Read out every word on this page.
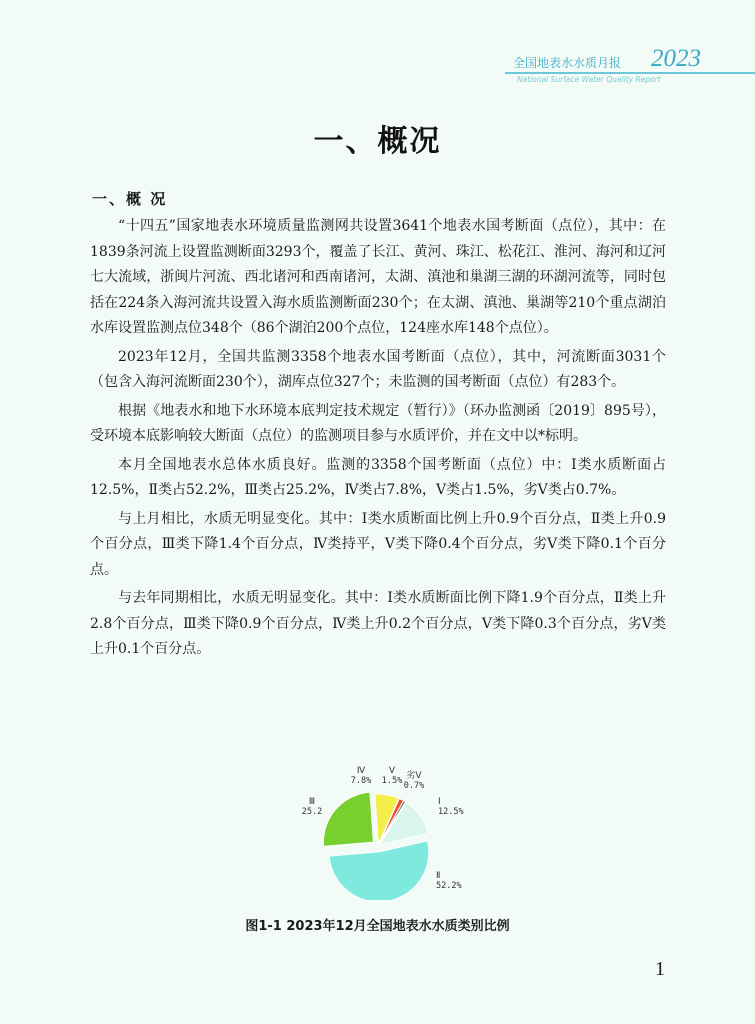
全国地表水水质月报 2023
National Surface Water Quality Report
一、概况
一、概 况

“十四五”国家地表水环境质量监测网共设置3641个地表水国考断面（点位），其中：在1839条河流上设置监测断面3293个，覆盖了长江、黄河、珠江、松花江、淮河、海河和辽河七大流域，浙闽片河流、西北诸河和西南诸河，太湖、滇池和巢湖三湖的环湖河流等，同时包括在224条入海河流共设置入海水质监测断面230个；在太湖、滇池、巢湖等210个重点湖泊水库设置监测点位348个（86个湖泊200个点位，124座水库148个点位）。

2023年12月，全国共监测3358个地表水国考断面（点位），其中，河流断面3031个（包含入海河流断面230个），湖库点位327个；未监测的国考断面（点位）有283个。

根据《地表水和地下水环境本底判定技术规定（暂行）》（环办监测函〔2019〕895号），受环境本底影响较大断面（点位）的监测项目参与水质评价，并在文中以*标明。

本月全国地表水总体水质良好。监测的3358个国考断面（点位）中：Ⅰ类水质断面占12.5%，Ⅱ类占52.2%，Ⅲ类占25.2%，Ⅳ类占7.8%，Ⅴ类占1.5%，劣Ⅴ类占0.7%。

与上月相比，水质无明显变化。其中：Ⅰ类水质断面比例上升0.9个百分点，Ⅱ类上升0.9个百分点，Ⅲ类下降1.4个百分点，Ⅳ类持平，Ⅴ类下降0.4个百分点，劣Ⅴ类下降0.1个百分点。

与去年同期相比，水质无明显变化。其中：Ⅰ类水质断面比例下降1.9个百分点，Ⅱ类上升2.8个百分点，Ⅲ类下降0.9个百分点，Ⅳ类上升0.2个百分点，Ⅴ类下降0.3个百分点，劣Ⅴ类上升0.1个百分点。

Ⅰ
12.5%
Ⅱ
52.2%
Ⅲ
25.2
Ⅳ
7.8%
Ⅴ
1.5%
劣Ⅴ
0.7%
图1-1 2023年12月全国地表水水质类别比例
1
